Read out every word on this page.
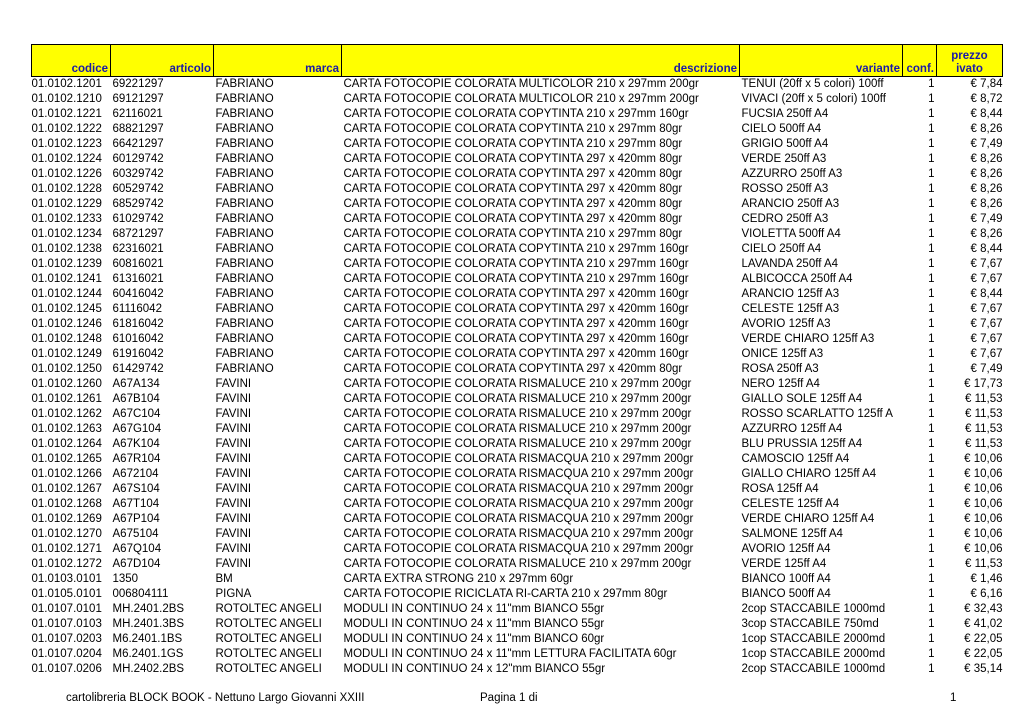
codice	articolo	marca	descrizione	variante	conf.	prezzo
ivato
01.0102.1201	69221297	FABRIANO	CARTA FOTOCOPIE COLORATA MULTICOLOR 210 x 297mm 200gr	TENUI (20ff x 5 colori) 100ff	1	€ 7,84
01.0102.1210	69121297	FABRIANO	CARTA FOTOCOPIE COLORATA MULTICOLOR 210 x 297mm 200gr	VIVACI (20ff x 5 colori) 100ff	1	€ 8,72
01.0102.1221	62116021	FABRIANO	CARTA FOTOCOPIE COLORATA COPYTINTA 210 x 297mm 160gr	FUCSIA 250ff A4	1	€ 8,44
01.0102.1222	68821297	FABRIANO	CARTA FOTOCOPIE COLORATA COPYTINTA 210 x 297mm 80gr	CIELO 500ff A4	1	€ 8,26
01.0102.1223	66421297	FABRIANO	CARTA FOTOCOPIE COLORATA COPYTINTA 210 x 297mm 80gr	GRIGIO 500ff A4	1	€ 7,49
01.0102.1224	60129742	FABRIANO	CARTA FOTOCOPIE COLORATA COPYTINTA 297 x 420mm 80gr	VERDE 250ff A3	1	€ 8,26
01.0102.1226	60329742	FABRIANO	CARTA FOTOCOPIE COLORATA COPYTINTA 297 x 420mm 80gr	AZZURRO 250ff A3	1	€ 8,26
01.0102.1228	60529742	FABRIANO	CARTA FOTOCOPIE COLORATA COPYTINTA 297 x 420mm 80gr	ROSSO 250ff A3	1	€ 8,26
01.0102.1229	68529742	FABRIANO	CARTA FOTOCOPIE COLORATA COPYTINTA 297 x 420mm 80gr	ARANCIO 250ff A3	1	€ 8,26
01.0102.1233	61029742	FABRIANO	CARTA FOTOCOPIE COLORATA COPYTINTA 297 x 420mm 80gr	CEDRO 250ff A3	1	€ 7,49
01.0102.1234	68721297	FABRIANO	CARTA FOTOCOPIE COLORATA COPYTINTA 210 x 297mm 80gr	VIOLETTA 500ff A4	1	€ 8,26
01.0102.1238	62316021	FABRIANO	CARTA FOTOCOPIE COLORATA COPYTINTA 210 x 297mm 160gr	CIELO 250ff A4	1	€ 8,44
01.0102.1239	60816021	FABRIANO	CARTA FOTOCOPIE COLORATA COPYTINTA 210 x 297mm 160gr	LAVANDA 250ff A4	1	€ 7,67
01.0102.1241	61316021	FABRIANO	CARTA FOTOCOPIE COLORATA COPYTINTA 210 x 297mm 160gr	ALBICOCCA 250ff A4	1	€ 7,67
01.0102.1244	60416042	FABRIANO	CARTA FOTOCOPIE COLORATA COPYTINTA 297 x 420mm 160gr	ARANCIO 125ff A3	1	€ 8,44
01.0102.1245	61116042	FABRIANO	CARTA FOTOCOPIE COLORATA COPYTINTA 297 x 420mm 160gr	CELESTE 125ff A3	1	€ 7,67
01.0102.1246	61816042	FABRIANO	CARTA FOTOCOPIE COLORATA COPYTINTA 297 x 420mm 160gr	AVORIO 125ff A3	1	€ 7,67
01.0102.1248	61016042	FABRIANO	CARTA FOTOCOPIE COLORATA COPYTINTA 297 x 420mm 160gr	VERDE CHIARO 125ff A3	1	€ 7,67
01.0102.1249	61916042	FABRIANO	CARTA FOTOCOPIE COLORATA COPYTINTA 297 x 420mm 160gr	ONICE 125ff A3	1	€ 7,67
01.0102.1250	61429742	FABRIANO	CARTA FOTOCOPIE COLORATA COPYTINTA 297 x 420mm 80gr	ROSA 250ff A3	1	€ 7,49
01.0102.1260	A67A134	FAVINI	CARTA FOTOCOPIE COLORATA RISMALUCE 210 x 297mm 200gr	NERO 125ff A4	1	€ 17,73
01.0102.1261	A67B104	FAVINI	CARTA FOTOCOPIE COLORATA RISMALUCE 210 x 297mm 200gr	GIALLO SOLE 125ff A4	1	€ 11,53
01.0102.1262	A67C104	FAVINI	CARTA FOTOCOPIE COLORATA RISMALUCE 210 x 297mm 200gr	ROSSO SCARLATTO 125ff A	1	€ 11,53
01.0102.1263	A67G104	FAVINI	CARTA FOTOCOPIE COLORATA RISMALUCE 210 x 297mm 200gr	AZZURRO 125ff A4	1	€ 11,53
01.0102.1264	A67K104	FAVINI	CARTA FOTOCOPIE COLORATA RISMALUCE 210 x 297mm 200gr	BLU PRUSSIA 125ff A4	1	€ 11,53
01.0102.1265	A67R104	FAVINI	CARTA FOTOCOPIE COLORATA RISMACQUA 210 x 297mm 200gr	CAMOSCIO 125ff A4	1	€ 10,06
01.0102.1266	A672104	FAVINI	CARTA FOTOCOPIE COLORATA RISMACQUA 210 x 297mm 200gr	GIALLO CHIARO 125ff A4	1	€ 10,06
01.0102.1267	A67S104	FAVINI	CARTA FOTOCOPIE COLORATA RISMACQUA 210 x 297mm 200gr	ROSA 125ff A4	1	€ 10,06
01.0102.1268	A67T104	FAVINI	CARTA FOTOCOPIE COLORATA RISMACQUA 210 x 297mm 200gr	CELESTE 125ff A4	1	€ 10,06
01.0102.1269	A67P104	FAVINI	CARTA FOTOCOPIE COLORATA RISMACQUA 210 x 297mm 200gr	VERDE CHIARO 125ff A4	1	€ 10,06
01.0102.1270	A675104	FAVINI	CARTA FOTOCOPIE COLORATA RISMACQUA 210 x 297mm 200gr	SALMONE 125ff A4	1	€ 10,06
01.0102.1271	A67Q104	FAVINI	CARTA FOTOCOPIE COLORATA RISMACQUA 210 x 297mm 200gr	AVORIO 125ff A4	1	€ 10,06
01.0102.1272	A67D104	FAVINI	CARTA FOTOCOPIE COLORATA RISMALUCE 210 x 297mm 200gr	VERDE 125ff A4	1	€ 11,53
01.0103.0101	1350	BM	CARTA EXTRA STRONG 210 x 297mm 60gr	BIANCO 100ff A4	1	€ 1,46
01.0105.0101	006804111	PIGNA	CARTA FOTOCOPIE RICICLATA RI-CARTA 210 x 297mm 80gr	BIANCO 500ff A4	1	€ 6,16
01.0107.0101	MH.2401.2BS	ROTOLTEC ANGELI	MODULI IN CONTINUO 24 x 11"mm BIANCO 55gr	2cop STACCABILE 1000md	1	€ 32,43
01.0107.0103	MH.2401.3BS	ROTOLTEC ANGELI	MODULI IN CONTINUO 24 x 11"mm BIANCO 55gr	3cop STACCABILE 750md	1	€ 41,02
01.0107.0203	M6.2401.1BS	ROTOLTEC ANGELI	MODULI IN CONTINUO 24 x 11"mm BIANCO 60gr	1cop STACCABILE 2000md	1	€ 22,05
01.0107.0204	M6.2401.1GS	ROTOLTEC ANGELI	MODULI IN CONTINUO 24 x 11"mm LETTURA FACILITATA 60gr	1cop STACCABILE 2000md	1	€ 22,05
01.0107.0206	MH.2402.2BS	ROTOLTEC ANGELI	MODULI IN CONTINUO 24 x 12"mm BIANCO 55gr	2cop STACCABILE 1000md	1	€ 35,14
cartolibreria BLOCK BOOK - Nettuno Largo Giovanni XXIII	Pagina 1 di	1
